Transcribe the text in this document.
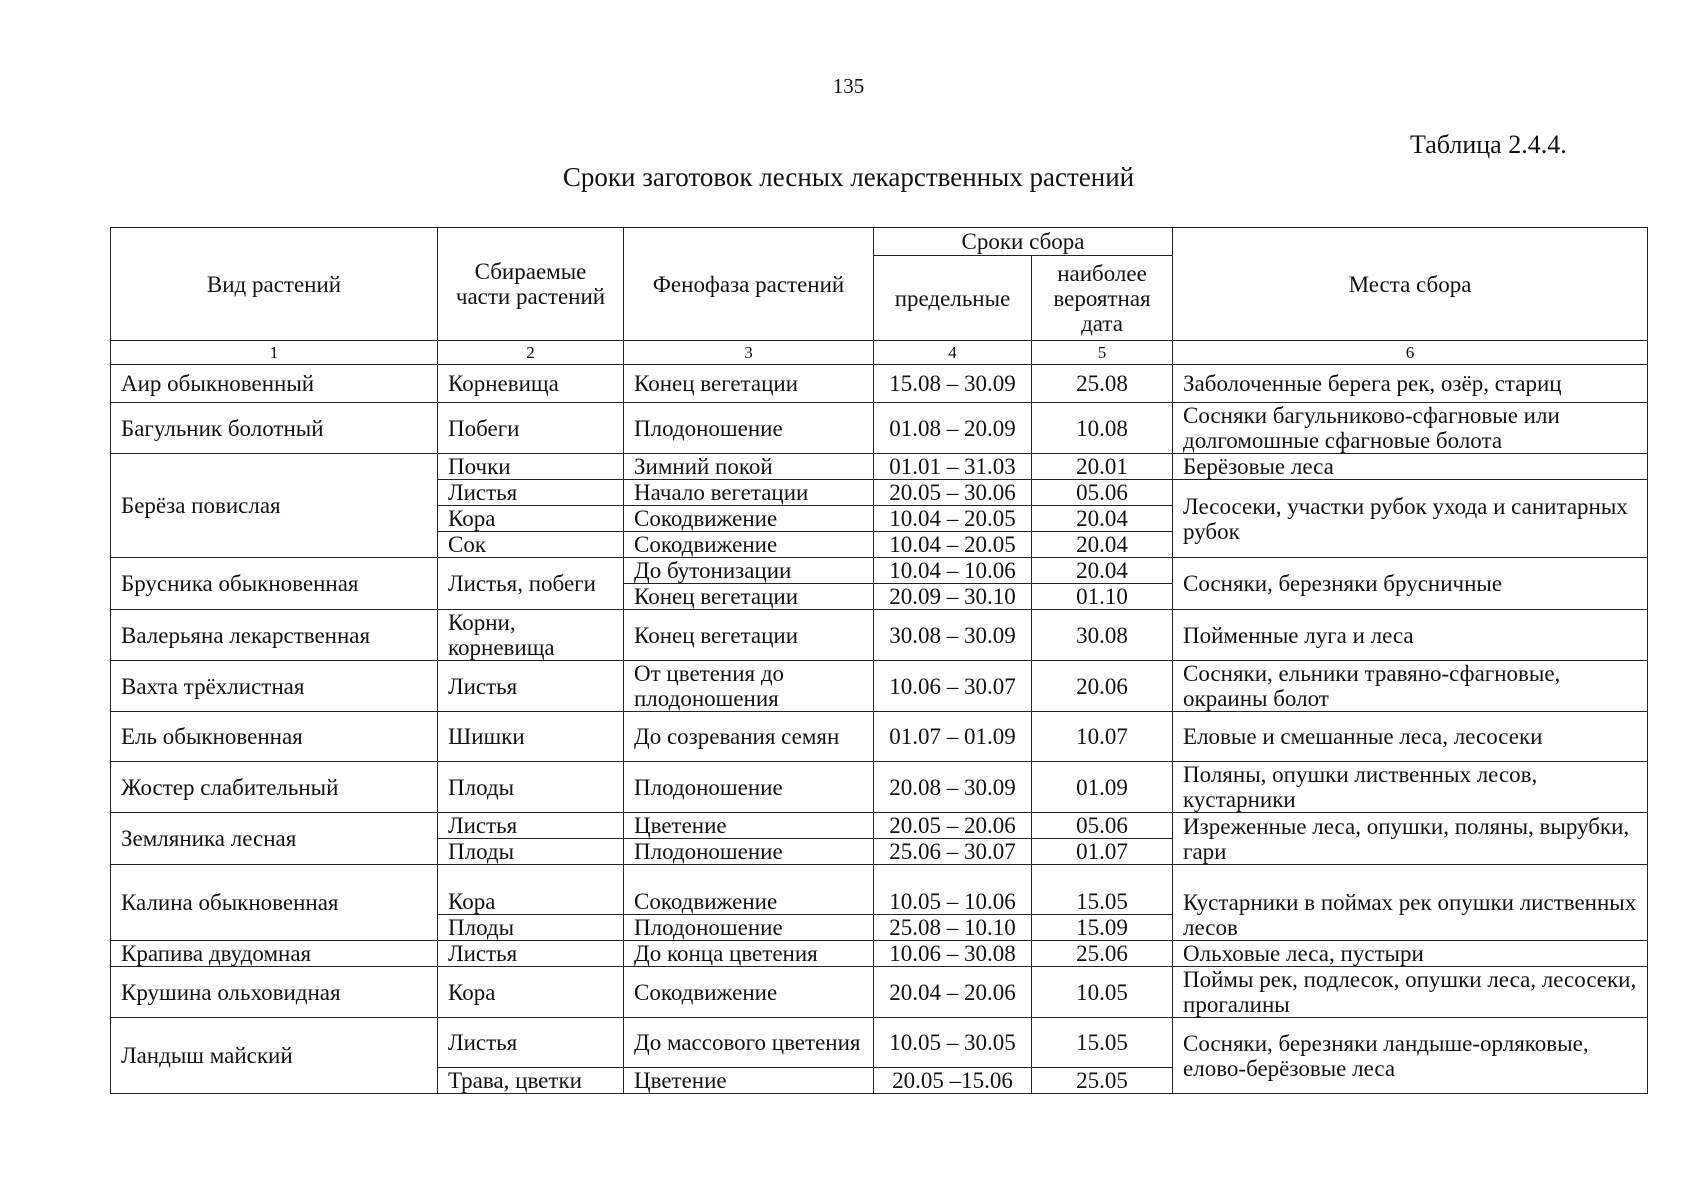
135
Таблица 2.4.4.
Сроки заготовок лесных лекарственных растений
Вид растений	Сбираемые части растений	Фенофаза растений	Сроки сбора		Места сбора
			предельные	наиболее вероятная дата	
1	2	3	4	5	6
Аир обыкновенный	Корневища	Конец вегетации	15.08 – 30.09	25.08	Заболоченные берега рек, озёр, стариц
Багульник болотный	Побеги	Плодоношение	01.08 – 20.09	10.08	Сосняки багульниково-сфагновые или долгомошные сфагновые болота
Берёза повислая	Почки	Зимний покой	01.01 – 31.03	20.01	Берёзовые леса
	Листья	Начало вегетации	20.05 – 30.06	05.06	Лесосеки, участки рубок ухода и санитарных рубок
	Кора	Сокодвижение	10.04 – 20.05	20.04	
	Сок	Сокодвижение	10.04 – 20.05	20.04	
Брусника обыкновенная	Листья, побеги	До бутонизации	10.04 – 10.06	20.04	Сосняки, березняки брусничные
		Конец вегетации	20.09 – 30.10	01.10	
Валерьяна лекарственная	Корни, корневища	Конец вегетации	30.08 – 30.09	30.08	Пойменные луга и леса
Вахта трёхлистная	Листья	От цветения до плодоношения	10.06 – 30.07	20.06	Сосняки, ельники травяно-сфагновые, окраины болот
Ель обыкновенная	Шишки	До созревания семян	01.07 – 01.09	10.07	Еловые и смешанные леса, лесосеки
Жостер слабительный	Плоды	Плодоношение	20.08 – 30.09	01.09	Поляны, опушки лиственных лесов, кустарники
Земляника лесная	Листья	Цветение	20.05 – 20.06	05.06	Изреженные леса, опушки, поляны, вырубки, гари
	Плоды	Плодоношение	25.06 – 30.07	01.07	
Калина обыкновенная	Кора	Сокодвижение	10.05 – 10.06	15.05	Кустарники в поймах рек опушки лиственных лесов
	Плоды	Плодоношение	25.08 – 10.10	15.09	
Крапива двудомная	Листья	До конца цветения	10.06 – 30.08	25.06	Ольховые леса, пустыри
Крушина ольховидная	Кора	Сокодвижение	20.04 – 20.06	10.05	Поймы рек, подлесок, опушки леса, лесосеки, прогалины
Ландыш майский	Листья	До массового цветения	10.05 – 30.05	15.05	Сосняки, березняки ландыше-орляковые, елово-берёзовые леса
	Трава, цветки	Цветение	20.05 –15.06	25.05	
